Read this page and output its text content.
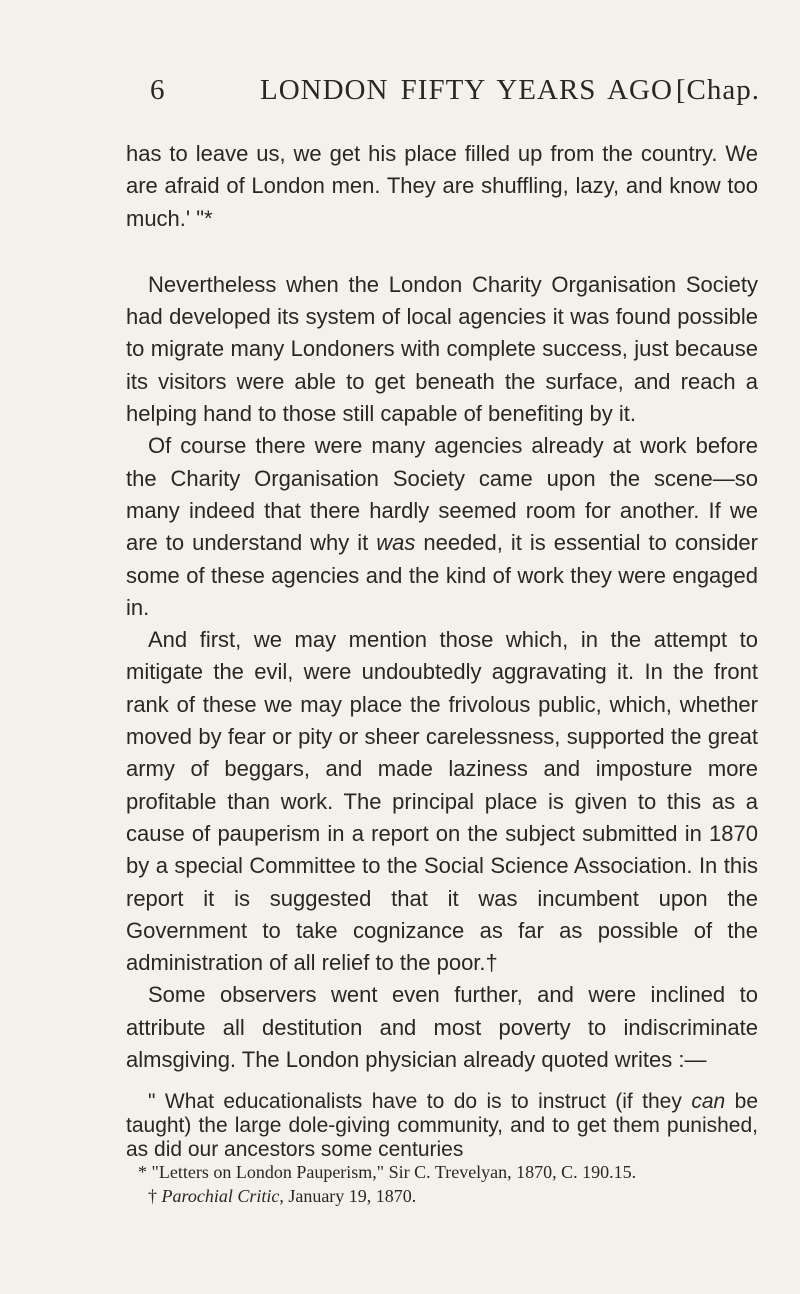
6	LONDON FIFTY YEARS AGO [Chap.

has to leave us, we get his place filled up from the country. We are afraid of London men. They are shuffling, lazy, and know too much.' "*

Nevertheless when the London Charity Organisation Society had developed its system of local agencies it was found possible to migrate many Londoners with complete success, just because its visitors were able to get beneath the surface, and reach a helping hand to those still capable of benefiting by it.

Of course there were many agencies already at work before the Charity Organisation Society came upon the scene—so many indeed that there hardly seemed room for another. If we are to understand why it was needed, it is essential to consider some of these agencies and the kind of work they were engaged in.

And first, we may mention those which, in the attempt to mitigate the evil, were undoubtedly aggravating it. In the front rank of these we may place the frivolous public, which, whether moved by fear or pity or sheer carelessness, supported the great army of beggars, and made laziness and imposture more profitable than work. The principal place is given to this as a cause of pauperism in a report on the subject submitted in 1870 by a special Committee to the Social Science Association. In this report it is suggested that it was incumbent upon the Government to take cognizance as far as possible of the administration of all relief to the poor.†

Some observers went even further, and were inclined to attribute all destitution and most poverty to indiscriminate almsgiving. The London physician already quoted writes :—

" What educationalists have to do is to instruct (if they can be taught) the large dole-giving community, and to get them punished, as did our ancestors some centuries

* "Letters on London Pauperism," Sir C. Trevelyan, 1870, C. 190.15.

† Parochial Critic, January 19, 1870.
